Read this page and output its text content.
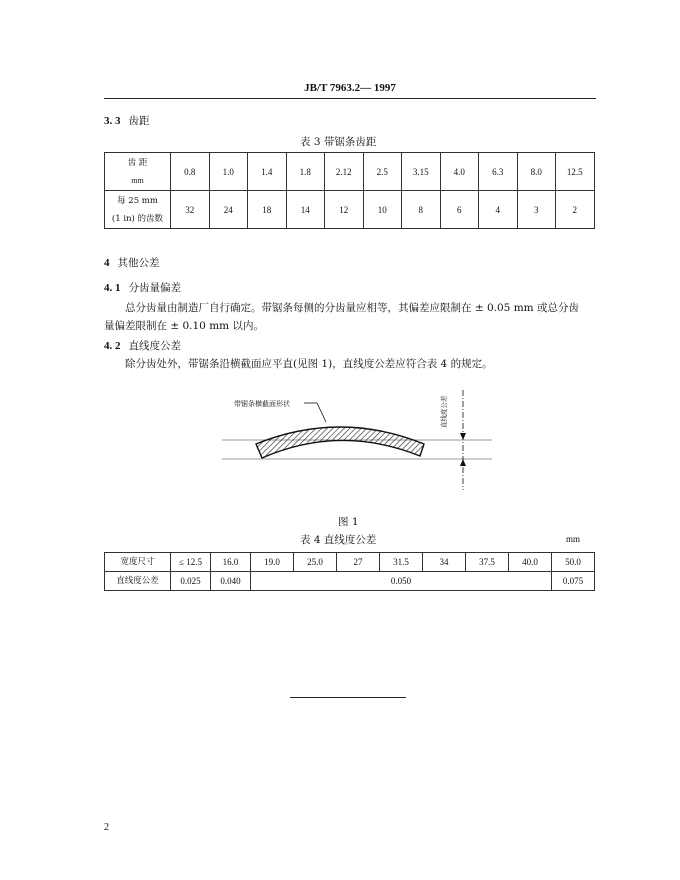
JB/T 7963.2— 1997
3. 3 齿距
表 3 带锯条齿距
齿 距
mm	0.8	1.0	1.4	1.8	2.12	2.5	3.15	4.0	6.3	8.0	12.5

每 25 mm
(1 in) 的齿数	32	24	18	14	12	10	8	6	4	3	2
4 其他公差
4. 1 分齿量偏差
总分齿量由制造厂自行确定。带锯条每侧的分齿量应相等，其偏差应限制在 ± 0.05 mm 或总分齿
量偏差限制在 ± 0.10 mm 以内。
4. 2 直线度公差
除分齿处外，带锯条沿横截面应平直(见图 1)，直线度公差应符合表 4 的规定。
带锯条横截面形状	直线度公差
图 1
表 4 直线度公差	mm
宽度尺寸	≤ 12.5	16.0	19.0	25.0	27	31.5	34	37.5	40.0	50.0
直线度公差	0.025	0.040	0.050							0.075
2
